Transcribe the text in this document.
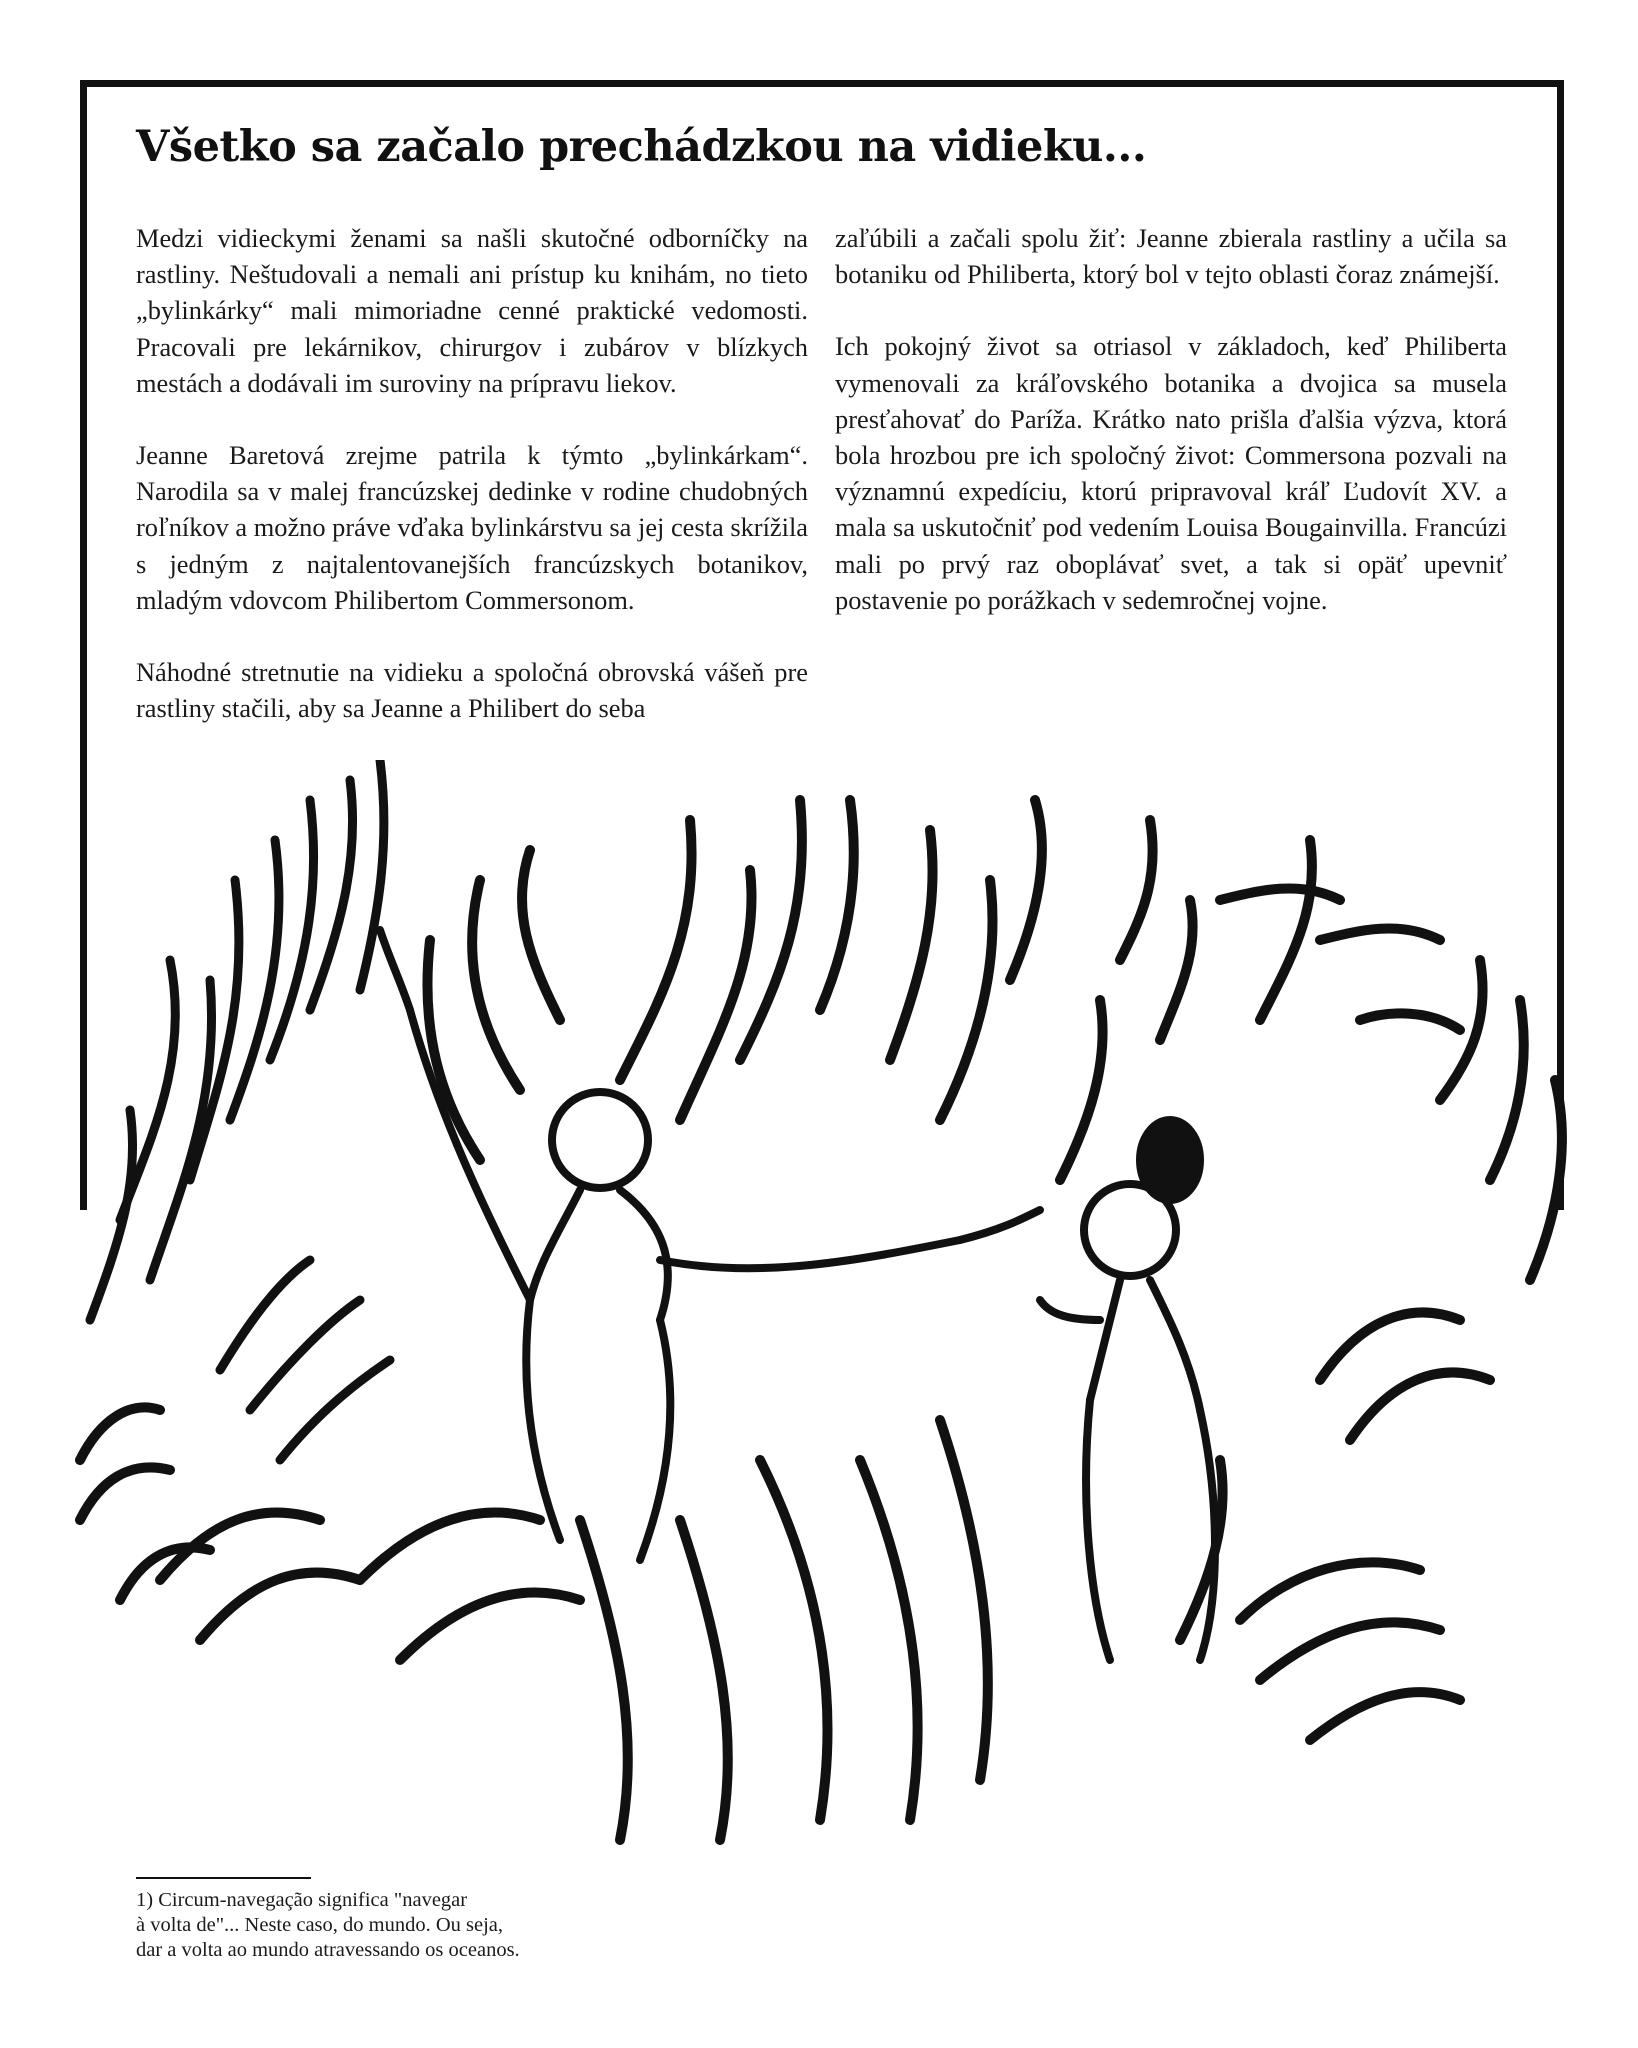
Všetko sa začalo prechádzkou na vidieku...

Medzi vidieckymi ženami sa našli skutočné odborníčky na rastliny. Neštudovali a nemali ani prístup ku knihám, no tieto „bylinkárky“ mali mimoriadne cenné praktické vedomosti. Pracovali pre lekárnikov, chirurgov i zubárov v blízkych mestách a dodávali im suroviny na prípravu liekov.

Jeanne Baretová zrejme patrila k týmto „bylinkárkam“. Narodila sa v malej francúzskej dedinke v rodine chudobných roľníkov a možno práve vďaka bylinkárstvu sa jej cesta skrížila s jedným z najtalentovanejších francúzskych botanikov, mladým vdovcom Philibertom Commersonom.

Náhodné stretnutie na vidieku a spoločná obrovská vášeň pre rastliny stačili, aby sa Jeanne a Philibert do seba

zaľúbili a začali spolu žiť: Jeanne zbierala rastliny a učila sa botaniku od Philiberta, ktorý bol v tejto oblasti čoraz známejší.

Ich pokojný život sa otriasol v základoch, keď Philiberta vymenovali za kráľovského botanika a dvojica sa musela presťahovať do Paríža. Krátko nato prišla ďalšia výzva, ktorá bola hrozbou pre ich spoločný život: Commersona pozvali na významnú expedíciu, ktorú pripravoval kráľ Ľudovít XV. a mala sa uskutočniť pod vedením Louisa Bougainvilla. Francúzi mali po prvý raz oboplávať svet, a tak si opäť upevniť postavenie po porážkach v sedemročnej vojne.

1) Circum-navegação significa "navegar
à volta de"... Neste caso, do mundo. Ou seja,
dar a volta ao mundo atravessando os oceanos.
